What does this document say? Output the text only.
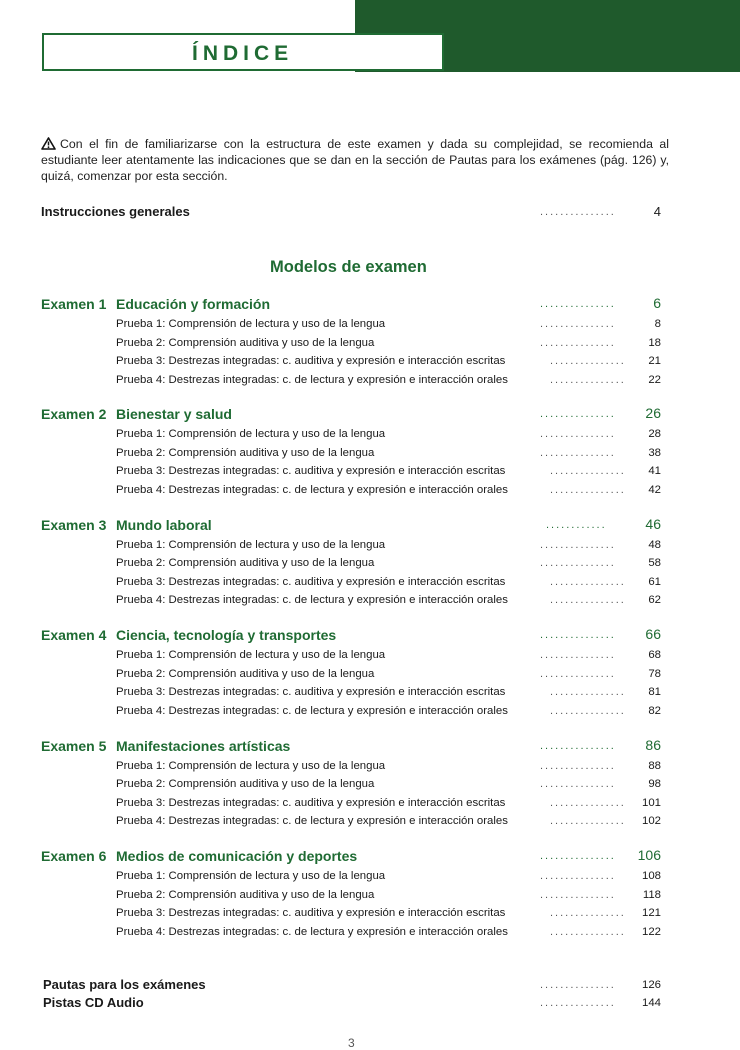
ÍNDICE
Con el fin de familiarizarse con la estructura de este examen y dada su complejidad, se recomienda al estudiante leer atentamente las indicaciones que se dan en la sección de Pautas para los exámenes (pág. 126) y, quizá, comenzar por esta sección.
Instrucciones generales	...............	4
Modelos de examen
Examen 1 Educación y formación	...............	6
Prueba 1: Comprensión de lectura y uso de la lengua	...............	8
Prueba 2: Comprensión auditiva y uso de la lengua	...............	18
Prueba 3: Destrezas integradas: c. auditiva y expresión e interacción escritas	............... 21
Prueba 4: Destrezas integradas: c. de lectura y expresión e interacción orales	............... 22
Examen 2 Bienestar y salud	............... 26
Prueba 1: Comprensión de lectura y uso de la lengua	...............	28
Prueba 2: Comprensión auditiva y uso de la lengua	...............	38
Prueba 3: Destrezas integradas: c. auditiva y expresión e interacción escritas	............... 41
Prueba 4: Destrezas integradas: c. de lectura y expresión e interacción orales	............... 42
Examen 3 Mundo laboral	............	46
Prueba 1: Comprensión de lectura y uso de la lengua	...............	48
Prueba 2: Comprensión auditiva y uso de la lengua	...............	58
Prueba 3: Destrezas integradas: c. auditiva y expresión e interacción escritas	............... 61
Prueba 4: Destrezas integradas: c. de lectura y expresión e interacción orales	............... 62
Examen 4 Ciencia, tecnología y transportes	............... 66
Prueba 1: Comprensión de lectura y uso de la lengua	...............	68
Prueba 2: Comprensión auditiva y uso de la lengua	...............	78
Prueba 3: Destrezas integradas: c. auditiva y expresión e interacción escritas	............... 81
Prueba 4: Destrezas integradas: c. de lectura y expresión e interacción orales	............... 82
Examen 5 Manifestaciones artísticas	............... 86
Prueba 1: Comprensión de lectura y uso de la lengua	...............	88
Prueba 2: Comprensión auditiva y uso de la lengua	...............	98
Prueba 3: Destrezas integradas: c. auditiva y expresión e interacción escritas	............... 101
Prueba 4: Destrezas integradas: c. de lectura y expresión e interacción orales	............... 102
Examen 6 Medios de comunicación y deportes	............... 106
Prueba 1: Comprensión de lectura y uso de la lengua	............... 108
Prueba 2: Comprensión auditiva y uso de la lengua	............... 118
Prueba 3: Destrezas integradas: c. auditiva y expresión e interacción escritas	............... 121
Prueba 4: Destrezas integradas: c. de lectura y expresión e interacción orales	............... 122
Pautas para los exámenes	............... 126
Pistas CD Audio	............... 144
3
